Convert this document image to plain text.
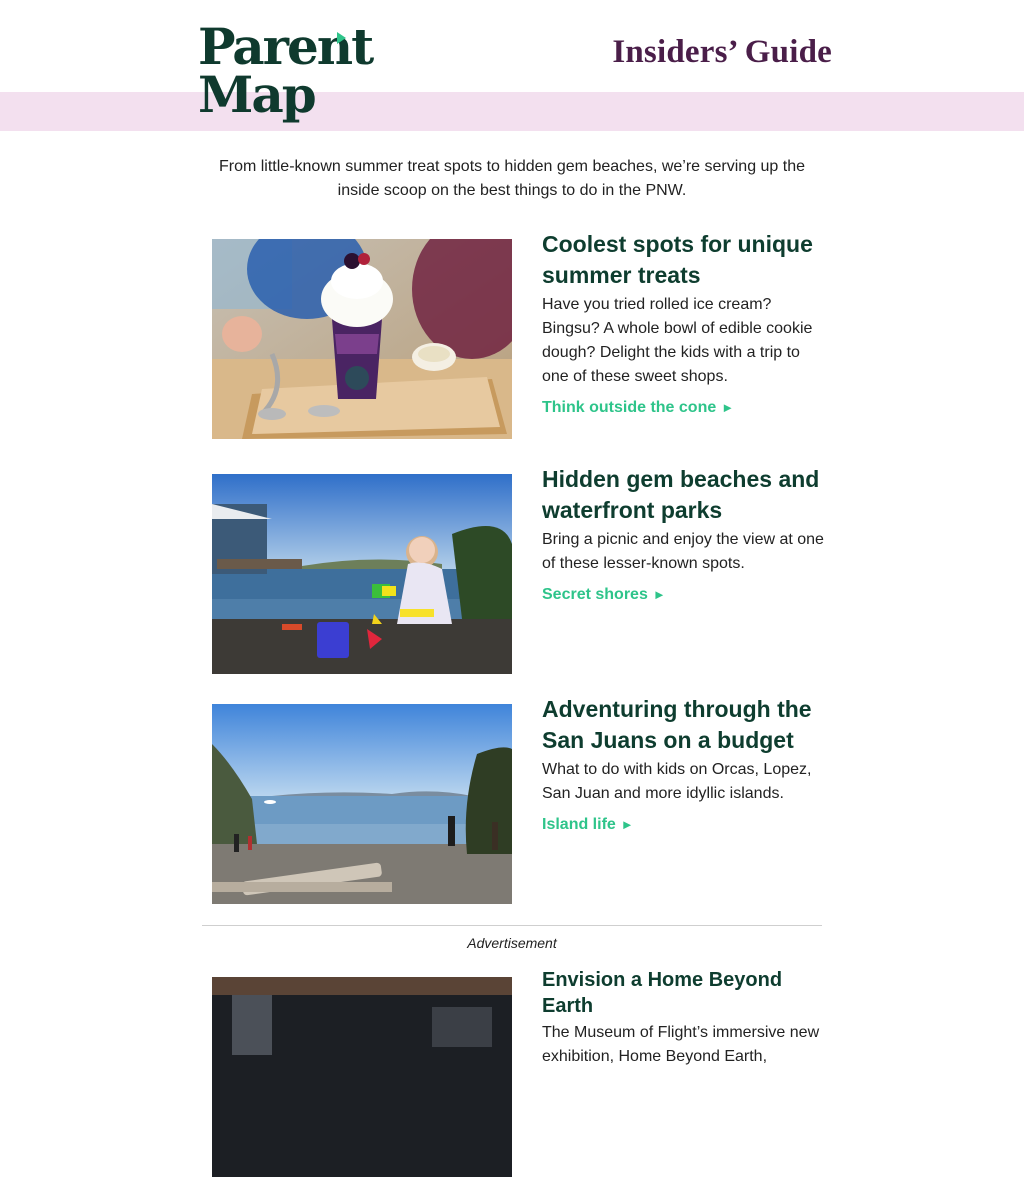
Parent
Map
Insiders’ Guide
From little-known summer treat spots to hidden gem beaches, we’re serving up the inside scoop on the best things to do in the PNW.
Coolest spots for unique summer treats

Have you tried rolled ice cream? Bingsu? A whole bowl of edible cookie dough? Delight the kids with a trip to one of these sweet shops.

Think outside the cone ►
Hidden gem beaches and waterfront parks

Bring a picnic and enjoy the view at one of these lesser-known spots.

Secret shores ►
Adventuring through the San Juans on a budget

What to do with kids on Orcas, Lopez, San Juan and more idyllic islands.

Island life ►
Advertisement
Envision a Home Beyond Earth

The Museum of Flight’s immersive new exhibition, Home Beyond Earth,
